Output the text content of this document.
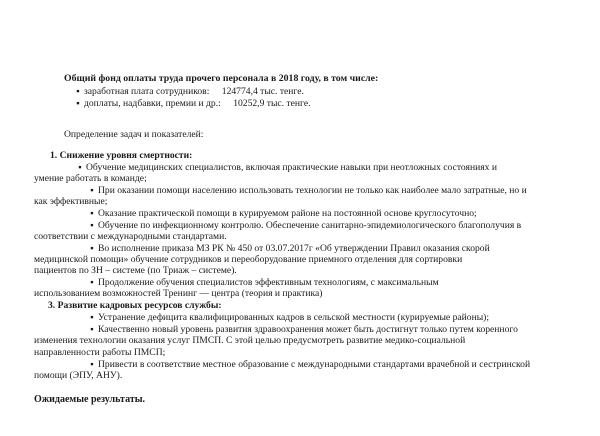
Общий фонд оплаты труда прочего персонала в 2018 году, в том числе:
▪ заработная плата сотрудников: 124774,4 тыс. тенге.
▪ доплаты, надбавки, премии и др.: 10252,9 тыс. тенге.
Определение задач и показателей:
1. Снижение уровня смертности:
▪ Обучение медицинских специалистов, включая практические навыки при неотложных состояниях и
умение работать в команде;
▪ При оказании помощи населению использовать технологии не только как наиболее мало затратные, но и
как эффективные;
▪ Оказание практической помощи в курируемом районе на постоянной основе круглосуточно;
▪ Обучение по инфекционному контролю. Обеспечение санитарно-эпидемиологического благополучия в
соответствии с международными стандартами.
▪ Во исполнение приказа МЗ РК № 450 от 03.07.2017г «Об утверждении Правил оказания скорой
медицинской помощи» обучение сотрудников и переоборудование приемного отделения для сортировки
пациентов по ЗН – системе (по Триаж – системе).
▪ Продолжение обучения специалистов эффективным технологиям, с максимальным
использованием возможностей Тренинг — центра (теория и практика)
3. Развитие кадровых ресурсов службы:
▪ Устранение дефицита квалифицированных кадров в сельской местности (курируемые районы);
▪ Качественно новый уровень развития здравоохранения может быть достигнут только путем коренного
изменения технологии оказания услуг ПМСП. С этой целью предусмотреть развитие медико-социальной
направленности работы ПМСП;
▪ Привести в соответствие местное образование с международными стандартами врачебной и сестринской
помощи (ЭПУ, АНУ).
Ожидаемые результаты.
